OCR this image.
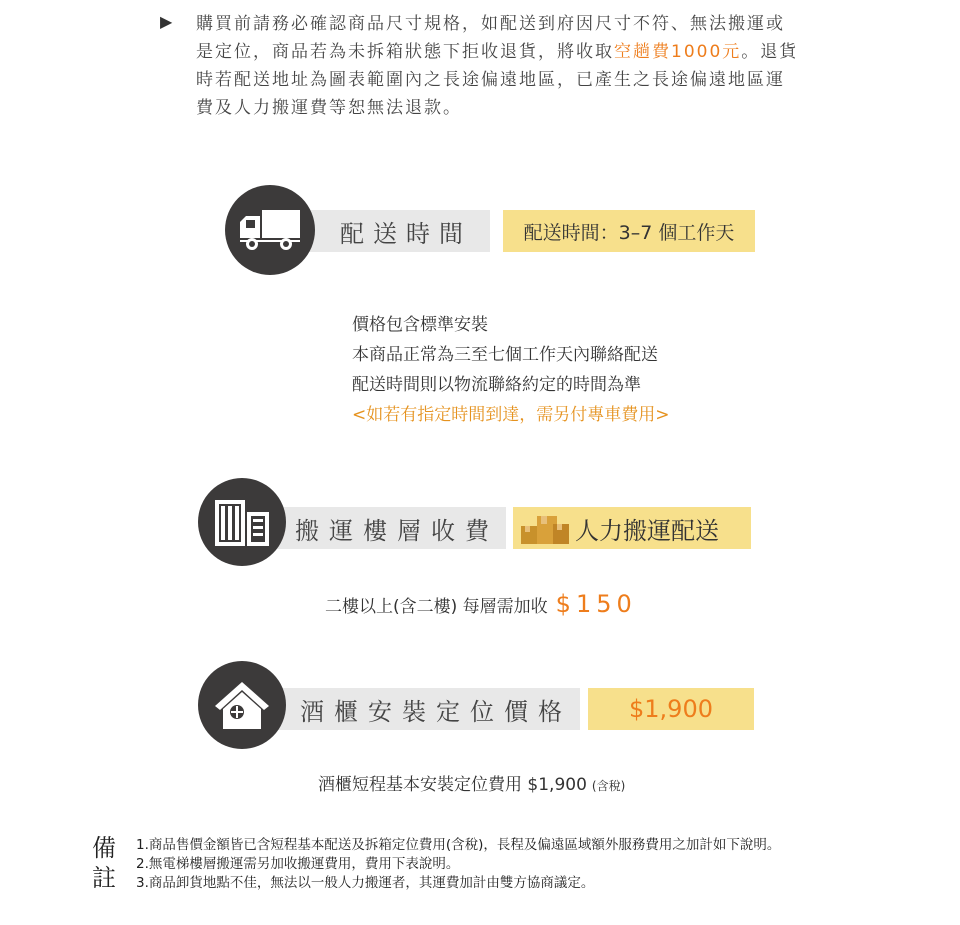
▶ 購買前請務必確認商品尺寸規格，如配送到府因尺寸不符、無法搬運或是定位，商品若為未拆箱狀態下拒收退貨，將收取空趟費1000元。退貨時若配送地址為圖表範圍內之長途偏遠地區，已產生之長途偏遠地區運費及人力搬運費等恕無法退款。

配送時間	配送時間：3–7 個工作天
價格包含標準安裝
本商品正常為三至七個工作天內聯絡配送
配送時間則以物流聯絡約定的時間為準
<如若有指定時間到達，需另付專車費用>
搬運樓層收費	人力搬運配送
二樓以上(含二樓) 每層需加收 $150
酒櫃安裝定位價格 $1,900
酒櫃短程基本安裝定位費用 $1,900 (含稅)
備註
1.商品售價金額皆已含短程基本配送及拆箱定位費用(含稅)，長程及偏遠區域額外服務費用之加計如下說明。
2.無電梯樓層搬運需另加收搬運費用，費用下表說明。
3.商品卸貨地點不佳，無法以一般人力搬運者，其運費加計由雙方協商議定。
